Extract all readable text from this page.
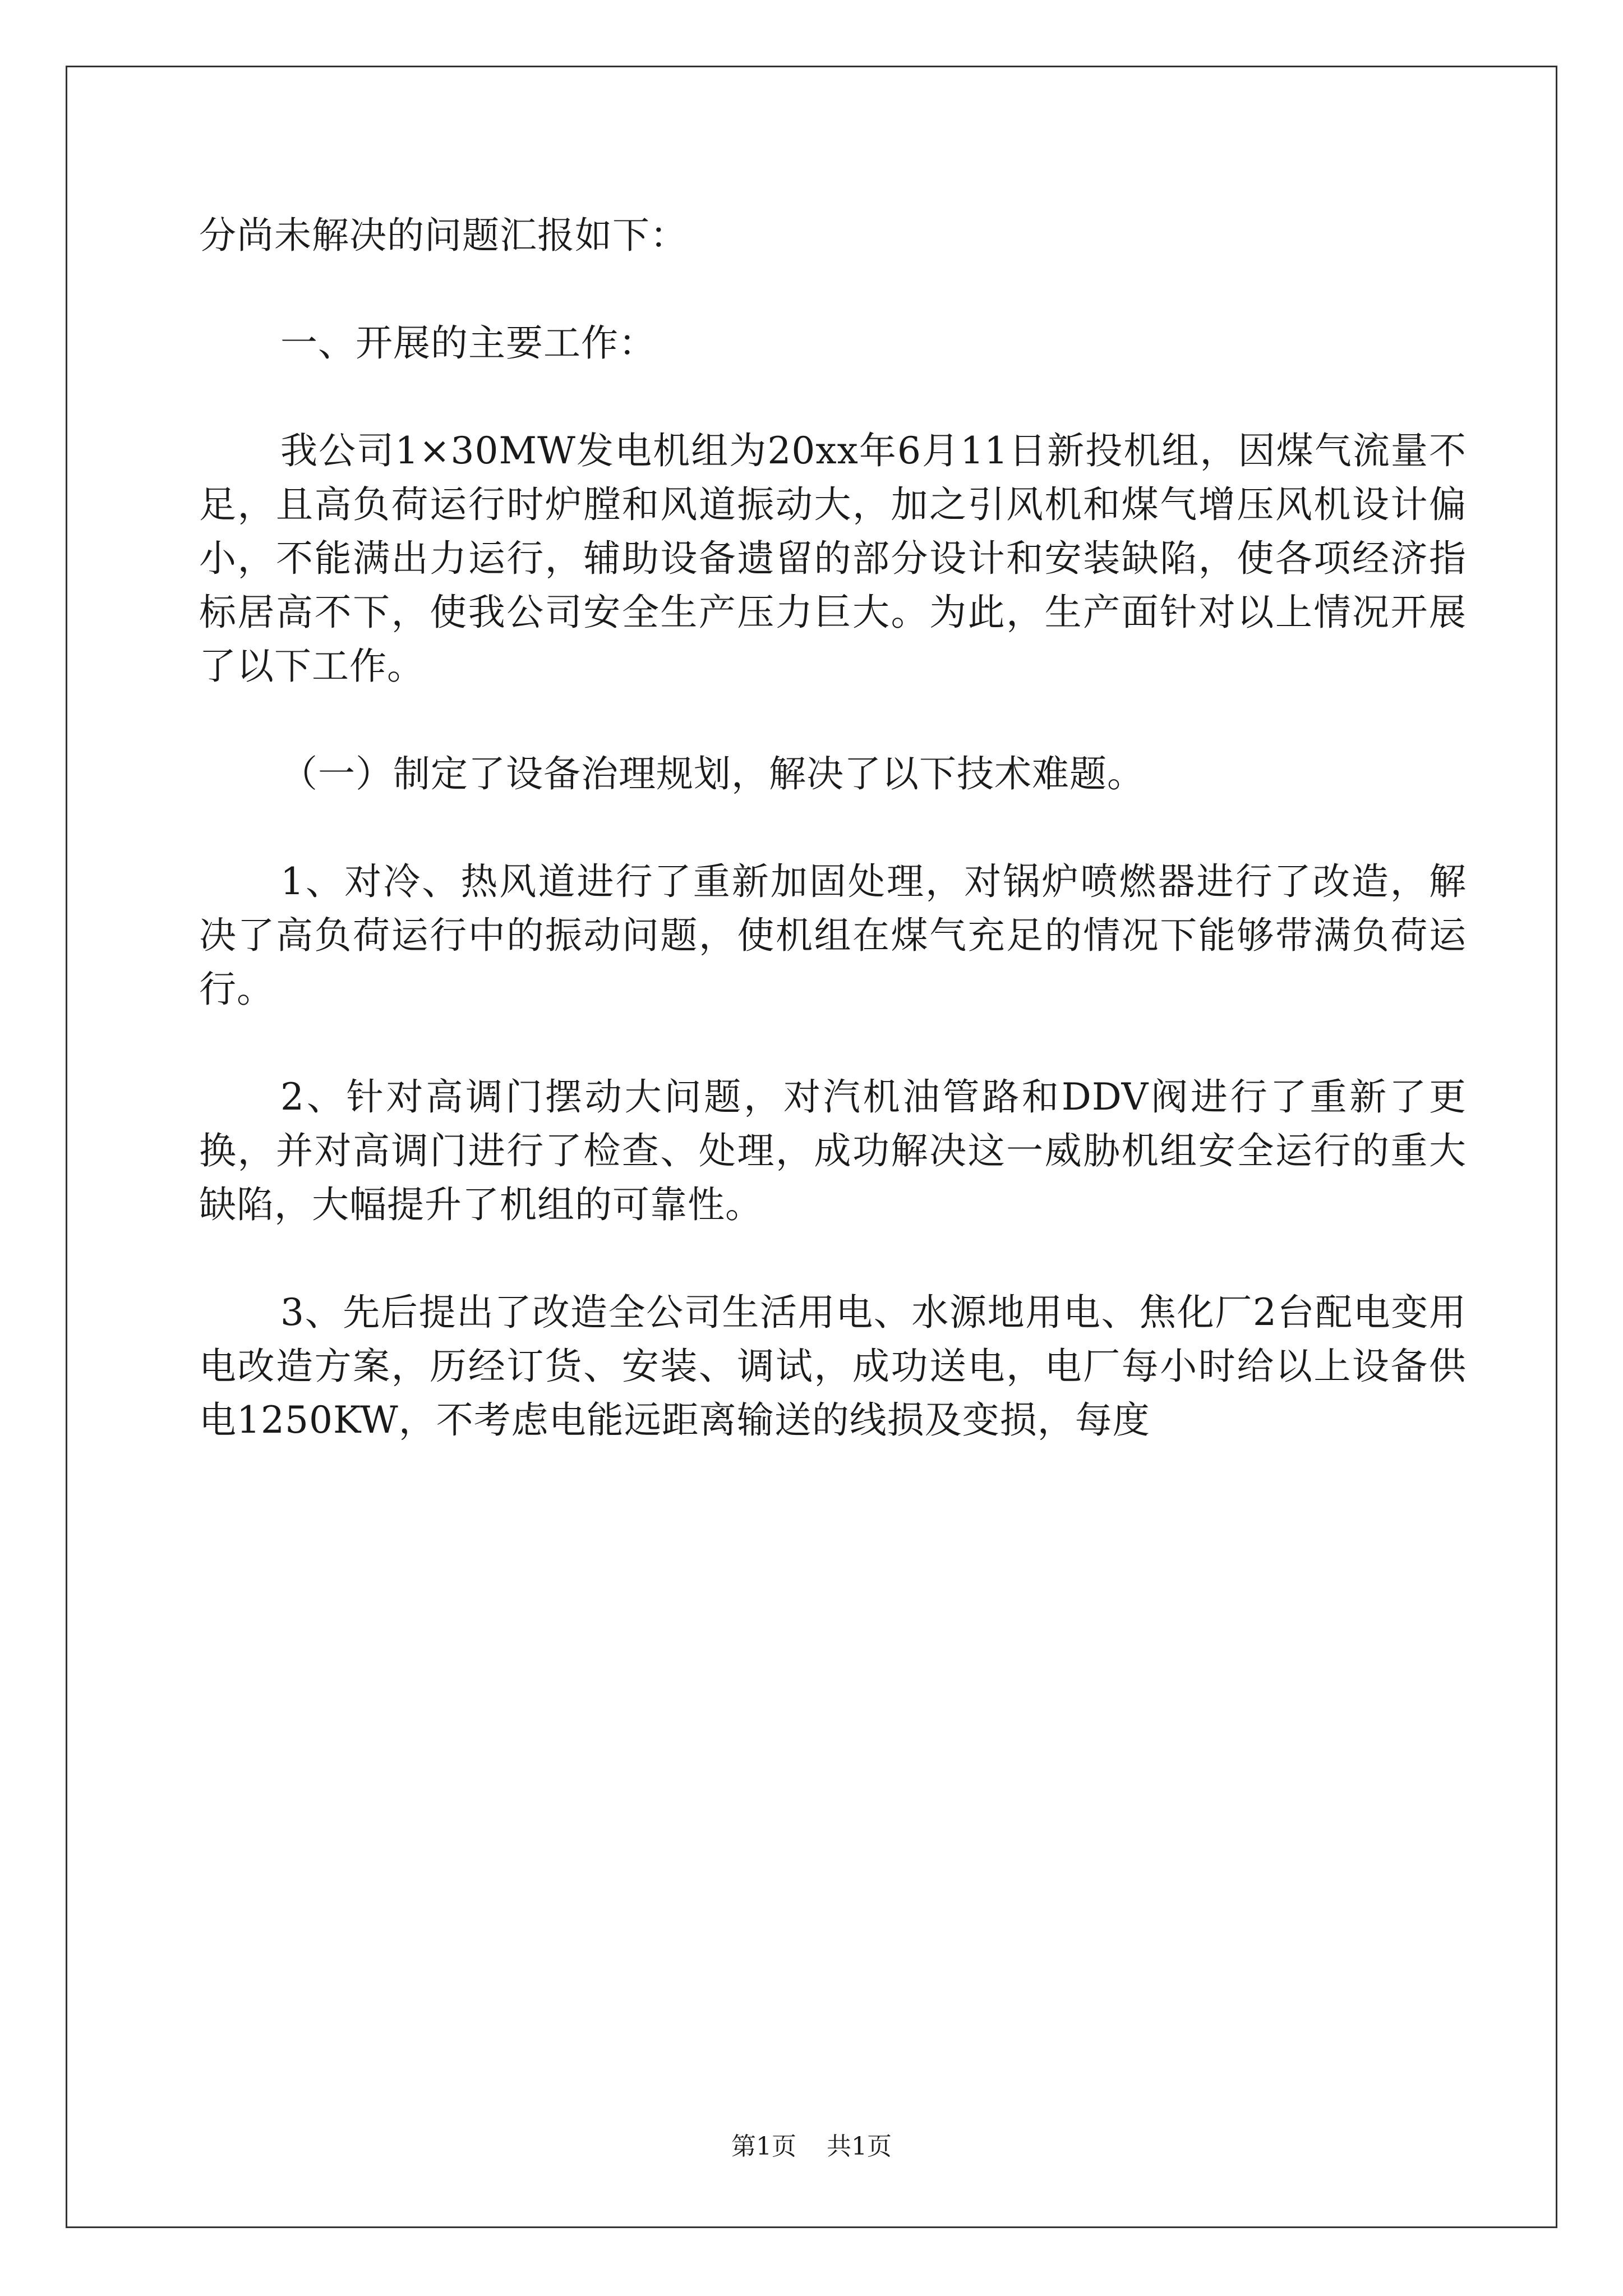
分尚未解决的问题汇报如下：

一、开展的主要工作：

我公司1×30MW发电机组为20xx年6月11日新投机组，因煤气流量不足，且高负荷运行时炉膛和风道振动大，加之引风机和煤气增压风机设计偏小，不能满出力运行，辅助设备遗留的部分设计和安装缺陷，使各项经济指标居高不下，使我公司安全生产压力巨大。为此，生产面针对以上情况开展了以下工作。

（一）制定了设备治理规划，解决了以下技术难题。

1、对冷、热风道进行了重新加固处理，对锅炉喷燃器进行了改造，解决了高负荷运行中的振动问题，使机组在煤气充足的情况下能够带满负荷运行。

2、针对高调门摆动大问题，对汽机油管路和DDV阀进行了重新了更换，并对高调门进行了检查、处理，成功解决这一威胁机组安全运行的重大缺陷，大幅提升了机组的可靠性。

3、先后提出了改造全公司生活用电、水源地用电、焦化厂2台配电变用电改造方案，历经订货、安装、调试，成功送电，电厂每小时给以上设备供电1250KW，不考虑电能远距离输送的线损及变损，每度

第1页 共1页
